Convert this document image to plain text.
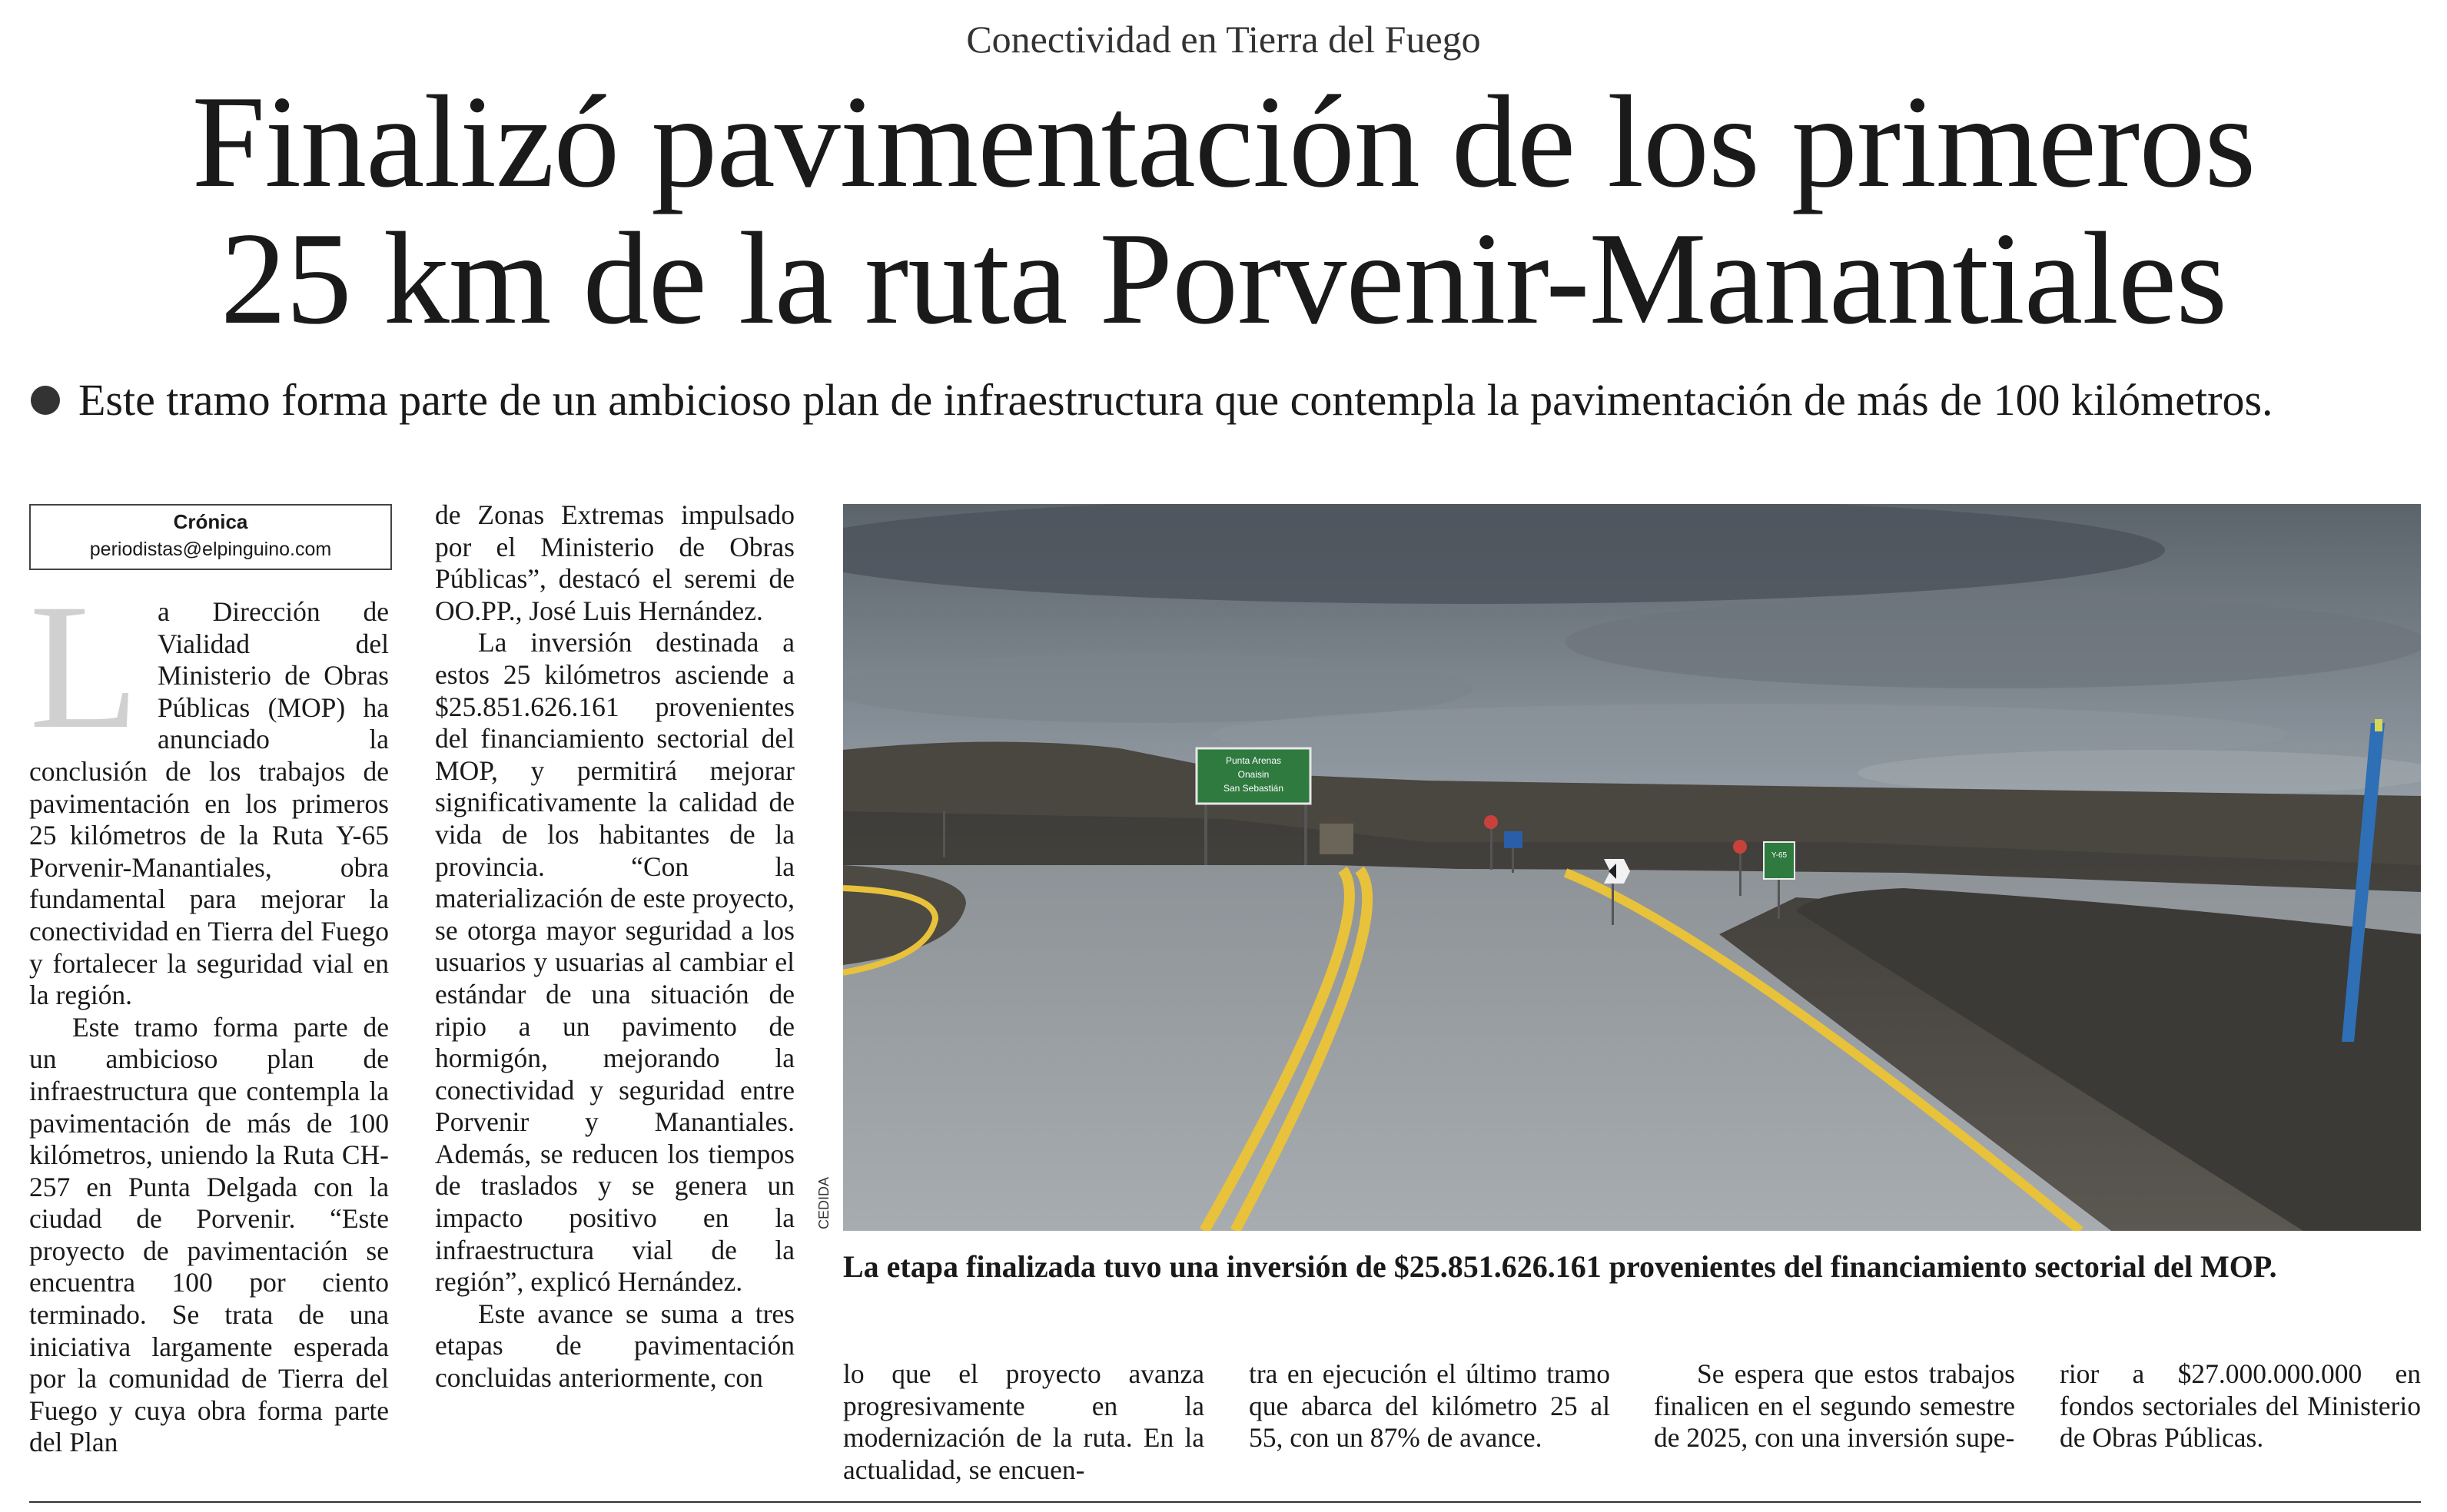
Conectividad en Tierra del Fuego
Finalizó pavimentación de los primeros
25 km de la ruta Porvenir-Manantiales
Este tramo forma parte de un ambicioso plan de infraestructura que contempla la pavimentación de más de 100 kilómetros.
Crónica
periodistas@elpinguino.com

La Dirección de Vialidad del Ministerio de Obras Públicas (MOP) ha anunciado la conclusión de los trabajos de pavimentación en los primeros 25 kilómetros de la Ruta Y-65 Porvenir-Manantiales, obra fundamental para mejorar la conectividad en Tierra del Fuego y fortalecer la seguridad vial en la región.

Este tramo forma parte de un ambicioso plan de infraestructura que contempla la pavimentación de más de 100 kilómetros, uniendo la Ruta CH-257 en Punta Delgada con la ciudad de Porvenir. “Este proyecto de pavimentación se encuentra 100 por ciento terminado. Se trata de una iniciativa largamente esperada por la comunidad de Tierra del Fuego y cuya obra forma parte del Plan

de Zonas Extremas impulsado por el Ministerio de Obras Públicas”, destacó el seremi de OO.PP., José Luis Hernández.

La inversión destinada a estos 25 kilómetros asciende a $25.851.626.161 provenientes del financiamiento sectorial del MOP, y permitirá mejorar significativamente la calidad de vida de los habitantes de la provincia. “Con la materialización de este proyecto, se otorga mayor seguridad a los usuarios y usuarias al cambiar el estándar de una situación de ripio a un pavimento de hormigón, mejorando la conectividad y seguridad entre Porvenir y Manantiales. Además, se reducen los tiempos de traslados y se genera un impacto positivo en la infraestructura vial de la región”, explicó Hernández.

Este avance se suma a tres etapas de pavimentación concluidas anteriormente, con

Punta Arenas
Onaisin
San Sebastián
Y-65
CEDIDA
La etapa finalizada tuvo una inversión de $25.851.626.161 provenientes del financiamiento sectorial del MOP.

lo que el proyecto avanza progresivamente en la modernización de la ruta. En la actualidad, se encuen-

tra en ejecución el último tramo que abarca del kilómetro 25 al 55, con un 87% de avance.

Se espera que estos trabajos finalicen en el segundo semestre de 2025, con una inversión supe-

rior a $27.000.000.000 en fondos sectoriales del Ministerio de Obras Públicas.
